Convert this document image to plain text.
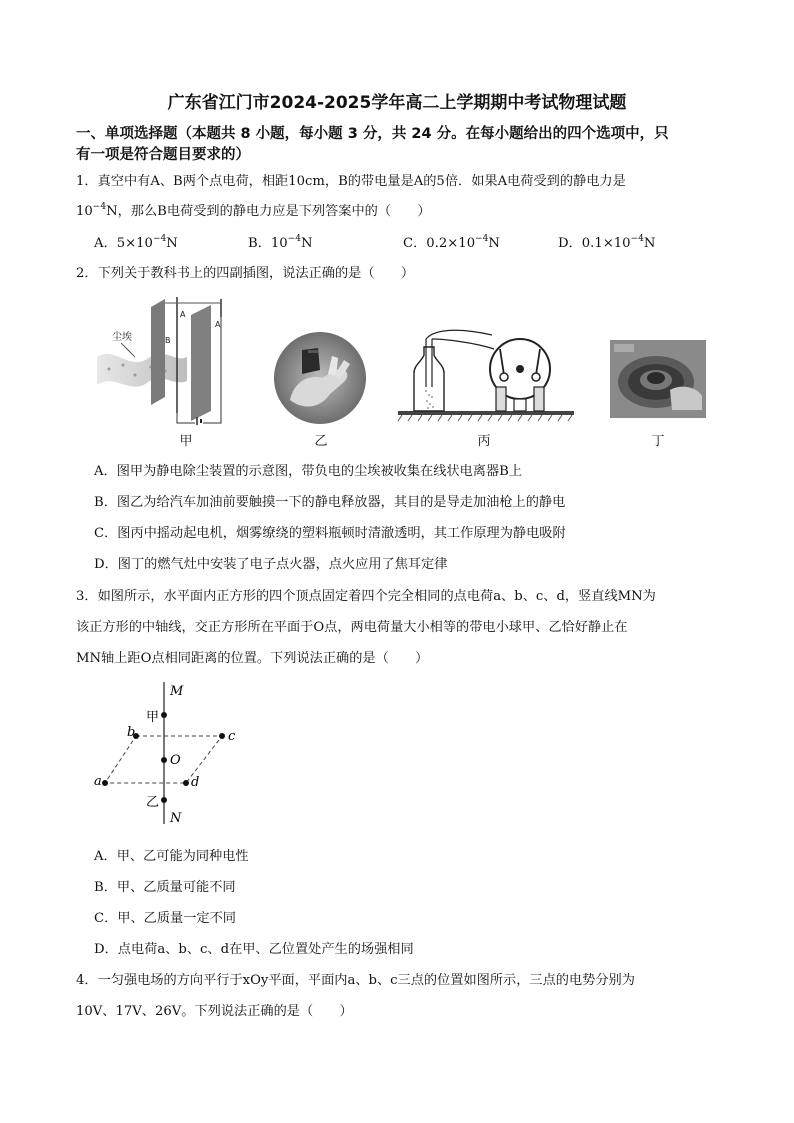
广东省江门市2024-2025学年高二上学期期中考试物理试题
一、单项选择题（本题共 8 小题，每小题 3 分，共 24 分。在每小题给出的四个选项中，只
有一项是符合题目要求的）
1．真空中有A、B两个点电荷，相距10cm，B的带电量是A的5倍．如果A电荷受到的静电力是
$10^{-4}N$，那么B电荷受到的静电力应是下列答案中的（　　）
A．$5\times 10^{-4}N$	B．$10^{-4}N$	C．$0.2\times 10^{-4}N$	D．$0.1\times 10^{-4}N$
2．下列关于教科书上的四副插图，说法正确的是（　　）
尘埃
A
A
B
甲	乙	丙	丁
A．图甲为静电除尘装置的示意图，带负电的尘埃被收集在线状电离器B上
B．图乙为给汽车加油前要触摸一下的静电释放器，其目的是导走加油枪上的静电
C．图丙中摇动起电机，烟雾缭绕的塑料瓶顿时清澈透明，其工作原理为静电吸附
D．图丁的燃气灶中安装了电子点火器，点火应用了焦耳定律
3．如图所示，水平面内正方形的四个顶点固定着四个完全相同的点电荷a、b、c、d，竖直线MN为
该正方形的中轴线，交正方形所在平面于O点，两电荷量大小相等的带电小球甲、乙恰好静止在
MN轴上距O点相同距离的位置。下列说法正确的是（　　）
M
N
O
甲
乙
b	c
a	d
A．甲、乙可能为同种电性
B．甲、乙质量可能不同
C．甲、乙质量一定不同
D．点电荷a、b、c、d在甲、乙位置处产生的场强相同
4．一匀强电场的方向平行于xOy平面，平面内a、b、c三点的位置如图所示，三点的电势分别为
10V、17V、26V。下列说法正确的是（　　）
